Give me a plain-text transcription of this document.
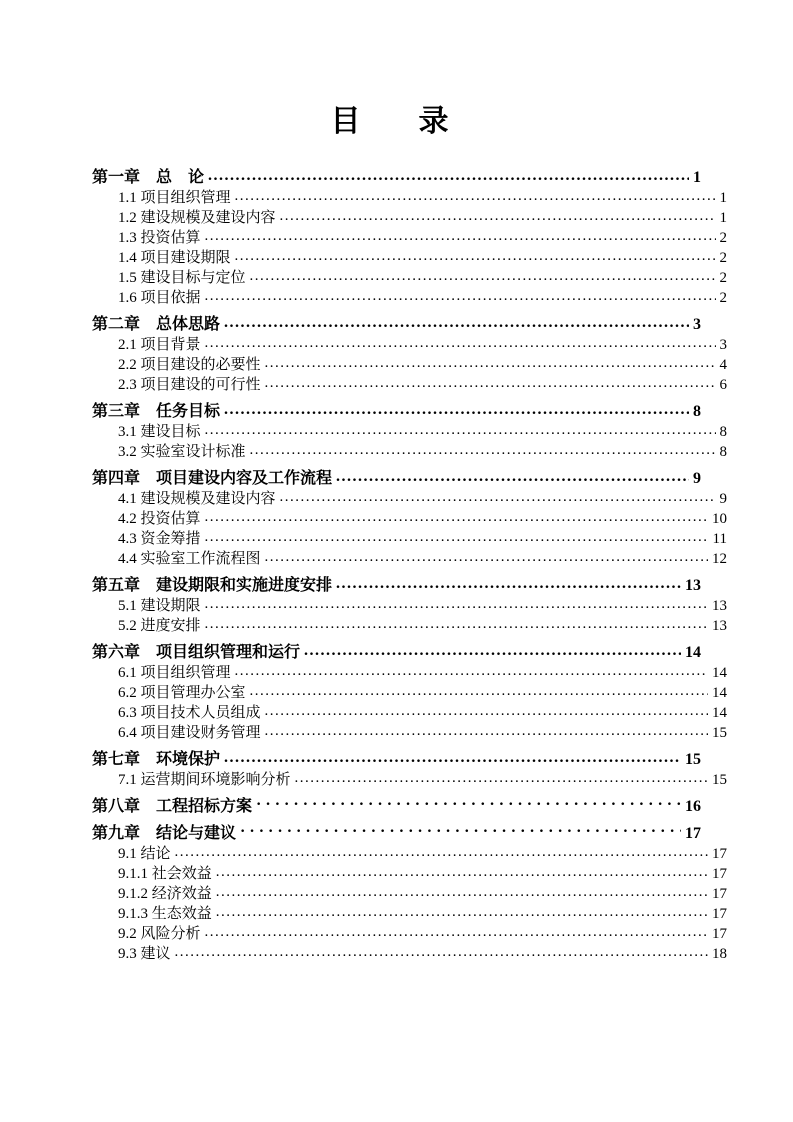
目　录
第一章　总　论 .....	1
1.1 项目组织管理 .....	1
1.2 建设规模及建设内容 .....	1
1.3 投资估算 .....	2
1.4 项目建设期限 .....	2
1.5 建设目标与定位 .....	2
1.6 项目依据 .....	2
第二章　总体思路 .....	3
2.1 项目背景 .....	3
2.2 项目建设的必要性 .....	4
2.3 项目建设的可行性 .....	6
第三章　任务目标 .....	8
3.1 建设目标 .....	8
3.2 实验室设计标准 .....	8
第四章　项目建设内容及工作流程 .....	9
4.1 建设规模及建设内容 .....	9
4.2 投资估算 .....	10
4.3 资金筹措 .....	11
4.4 实验室工作流程图 .....	12
第五章　建设期限和实施进度安排 .....	13
5.1 建设期限 .....	13
5.2 进度安排 .....	13
第六章　项目组织管理和运行 .....	14
6.1 项目组织管理 .....	14
6.2 项目管理办公室 .....	14
6.3 项目技术人员组成 .....	14
6.4 项目建设财务管理 .....	15
第七章　环境保护 .....	15
7.1 运营期间环境影响分析 .....	15
第八章　工程招标方案 · · ·	16
第九章　结论与建议 · · ·	17
9.1 结论 .....	17
9.1.1 社会效益 .....	17
9.1.2 经济效益 .....	17
9.1.3 生态效益 .....	17
9.2 风险分析 .....	17
9.3 建议 .....	18
